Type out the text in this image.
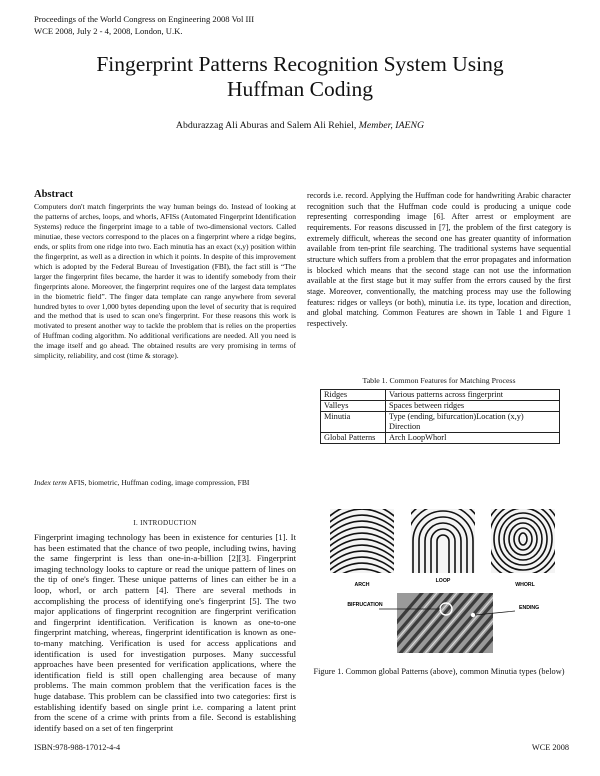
Proceedings of the World Congress on Engineering 2008 Vol III
WCE 2008, July 2 - 4, 2008, London, U.K.
Fingerprint Patterns Recognition System Using
Huffman Coding
Abdurazzag Ali Aburas and Salem Ali Rehiel, Member, IAENG
Abstract
Computers don't match fingerprints the way human beings do. Instead of looking at the patterns of arches, loops, and whorls, AFISs (Automated Fingerprint Identification Systems) reduce the fingerprint image to a table of two-dimensional vectors. Called minutiae, these vectors correspond to the places on a fingerprint where a ridge begins, ends, or splits from one ridge into two. Each minutia has an exact (x,y) position within the fingerprint, as well as a direction in which it points. In despite of this improvement which is adopted by the Federal Bureau of Investigation (FBI), the fact still is “The larger the fingerprint files became, the harder it was to identify somebody from their fingerprints alone. Moreover, the fingerprint requires one of the largest data templates in the biometric field”. The finger data template can range anywhere from several hundred bytes to over 1,000 bytes depending upon the level of security that is required and the method that is used to scan one's fingerprint. For these reasons this work is motivated to present another way to tackle the problem that is relies on the properties of Huffman coding algorithm. No additional verifications are needed. All you need is the image itself and go ahead. The obtained results are very promising in terms of simplicity, reliability, and cost (time & storage).
Index term AFIS, biometric, Huffman coding, image compression, FBI
I. INTRODUCTION
Fingerprint imaging technology has been in existence for centuries [1]. It has been estimated that the chance of two people, including twins, having the same fingerprint is less than one-in-a-billion [2][3]. Fingerprint imaging technology looks to capture or read the unique pattern of lines on the tip of one's finger. These unique patterns of lines can either be in a loop, whorl, or arch pattern [4]. There are several methods in accomplishing the process of identifying one's fingerprint [5]. The two major applications of fingerprint recognition are fingerprint verification and fingerprint identification. Verification is known as one-to-one fingerprint matching, whereas, fingerprint identification is known as one-to-many matching. Verification is used for access applications and identification is used for investigation purposes. Many successful approaches have been presented for verification applications, where the identification field is still open challenging area because of many problems. The main common problem that the verification faces is the huge database. This problem can be classified into two categories: first is establishing identify based on single print i.e. comparing a latent print from the scene of a crime with prints from a file. Second is establishing identify based on a set of ten fingerprint
records i.e. record. Applying the Huffman code for handwriting Arabic character recognition such that the Huffman code could is producing a unique code representing corresponding image [6]. After arrest or employment are requirements. For reasons discussed in [7], the problem of the first category is extremely difficult, whereas the second one has greater quantity of information available from ten-print file searching. The traditional systems have sequential structure which suffers from a problem that the error propagates and information is blocked which means that the second stage can not use the information available at the first stage but it may suffer from the errors caused by the first stage. Moreover, conventionally, the matching process may use the following features: ridges or valleys (or both), minutia i.e. its type, location and direction, and global matching. Common Features are shown in Table 1 and Figure 1 respectively.
Table 1. Common Features for Matching Process
Ridges	Various patterns across fingerprint
Valleys	Spaces between ridges
Minutia	Type (ending, bifurcation)Location (x,y) Direction
Global Patterns	Arch LoopWhorl
ARCH
LOOP
WHORL
BIFRUCATION	ENDING
Figure 1. Common global Patterns (above), common Minutia types (below)
ISBN:978-988-17012-4-4	WCE 2008
